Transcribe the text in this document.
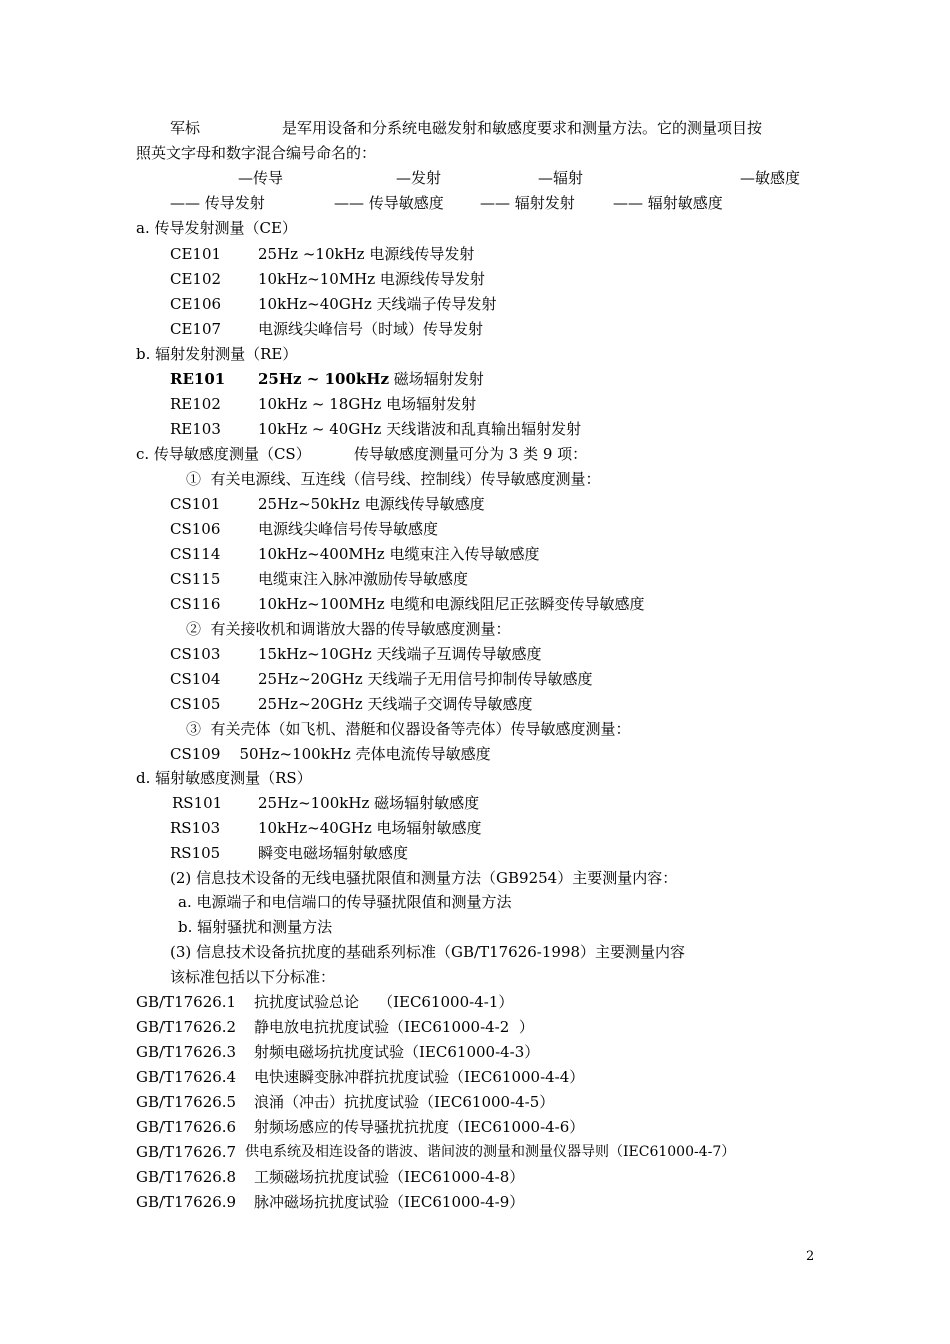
军标	是军用设备和分系统电磁发射和敏感度要求和测量方法。它的测量项目按
照英文字母和数字混合编号命名的：
—传导	—发射	—辐射	—敏感度
—— 传导发射	—— 传导敏感度 —— 辐射发射	—— 辐射敏感度
a. 传导发射测量（CE）
CE101 25Hz ~10kHz 电源线传导发射
CE102 10kHz~10MHz 电源线传导发射
CE106 10kHz~40GHz 天线端子传导发射
CE107 电源线尖峰信号（时域）传导发射
b. 辐射发射测量（RE）
RE101 25Hz ~ 100kHz 磁场辐射发射
RE102 10kHz ~ 18GHz 电场辐射发射
RE103 10kHz ~ 40GHz 天线谐波和乱真输出辐射发射
c. 传导敏感度测量（CS）	传导敏感度测量可分为 3 类 9 项：
①  有关电源线、互连线（信号线、控制线）传导敏感度测量：
CS101	25Hz~50kHz 电源线传导敏感度
CS106	电源线尖峰信号传导敏感度
CS114	10kHz~400MHz 电缆束注入传导敏感度
CS115	电缆束注入脉冲激励传导敏感度
CS116	10kHz~100MHz 电缆和电源线阻尼正弦瞬变传导敏感度
②  有关接收机和调谐放大器的传导敏感度测量：
CS103	15kHz~10GHz 天线端子互调传导敏感度
CS104	25Hz~20GHz 天线端子无用信号抑制传导敏感度
CS105	25Hz~20GHz 天线端子交调传导敏感度
③  有关壳体（如飞机、潜艇和仪器设备等壳体）传导敏感度测量：
CS109    50Hz~100kHz 壳体电流传导敏感度
d. 辐射敏感度测量（RS）
RS101 25Hz~100kHz 磁场辐射敏感度
RS103	10kHz~40GHz 电场辐射敏感度
RS105	瞬变电磁场辐射敏感度
(2) 信息技术设备的无线电骚扰限值和测量方法（GB9254）主要测量内容：
a. 电源端子和电信端口的传导骚扰限值和测量方法
b. 辐射骚扰和测量方法
(3) 信息技术设备抗扰度的基础系列标准（GB/T17626-1998）主要测量内容
该标准包括以下分标准：
GB/T17626.1 抗扰度试验总论    （IEC61000-4-1）
GB/T17626.2 静电放电抗扰度试验（IEC61000-4-2  ）
GB/T17626.3 射频电磁场抗扰度试验（IEC61000-4-3）
GB/T17626.4 电快速瞬变脉冲群抗扰度试验（IEC61000-4-4）
GB/T17626.5 浪涌（冲击）抗扰度试验（IEC61000-4-5）
GB/T17626.6 射频场感应的传导骚扰抗扰度（IEC61000-4-6）
GB/T17626.7 供电系统及相连设备的谐波、谐间波的测量和测量仪器导则（IEC61000-4-7）
GB/T17626.8 工频磁场抗扰度试验（IEC61000-4-8）
GB/T17626.9 脉冲磁场抗扰度试验（IEC61000-4-9）
2
